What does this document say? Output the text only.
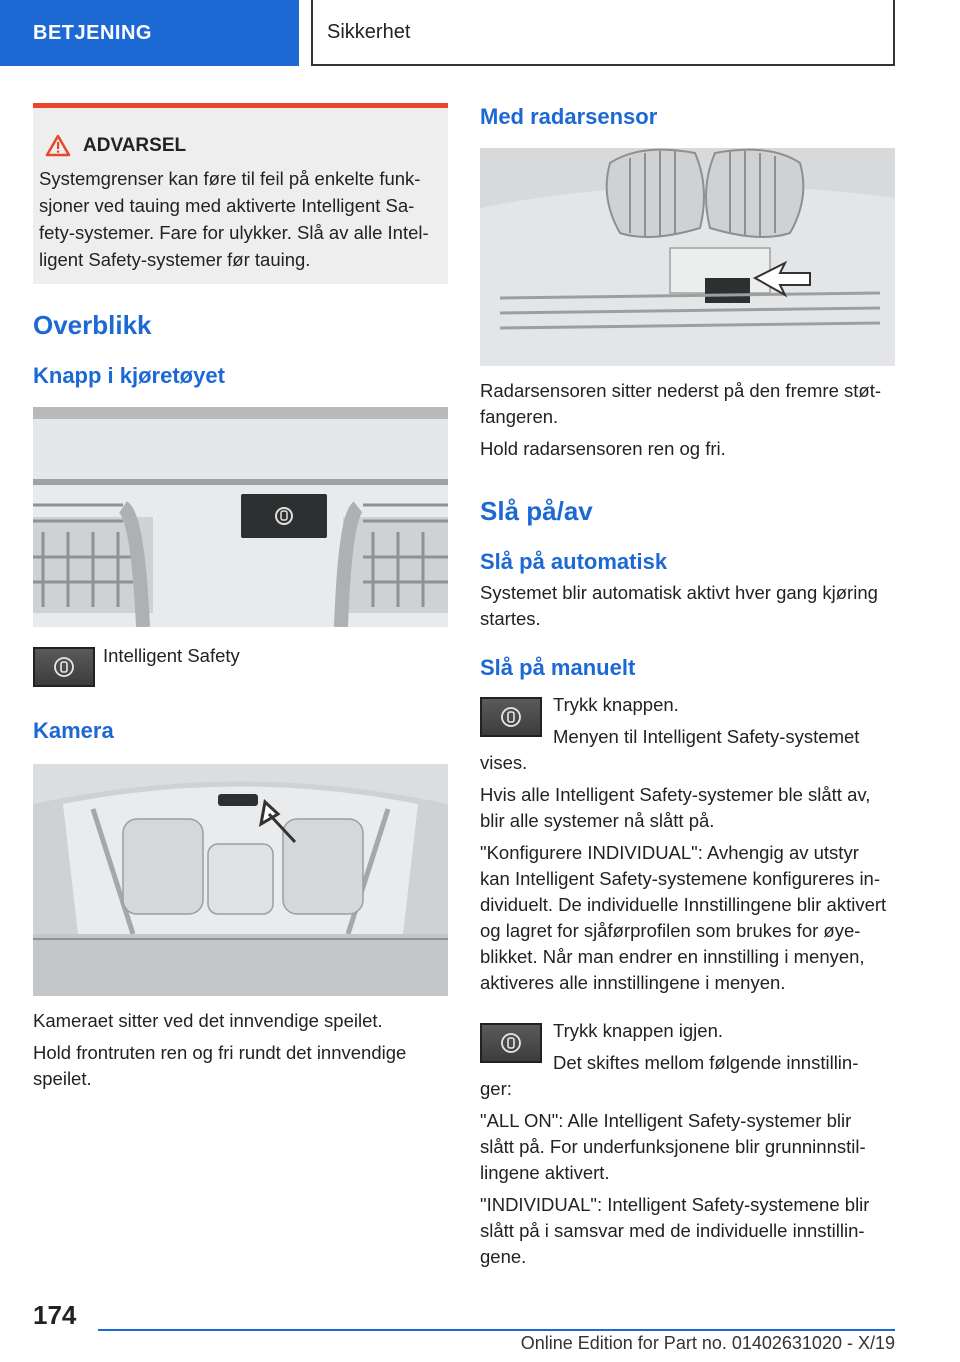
BETJENING	Sikkerhet
ADVARSEL
Systemgrenser kan føre til feil på enkelte funk-
sjoner ved tauing med aktiverte Intelligent Sa-
fety-systemer. Fare for ulykker. Slå av alle Intel-
ligent Safety-systemer før tauing.
Overblikk
Knapp i kjøretøyet
Intelligent Safety
Kamera

Kameraet sitter ved det innvendige speilet.

Hold frontruten ren og fri rundt det innvendige

speilet.

Med radarsensor

Radarsensoren sitter nederst på den fremre støt-

fangeren.

Hold radarsensoren ren og fri.

Slå på/av
Slå på automatisk

Systemet blir automatisk aktivt hver gang kjøring

startes.

Slå på manuelt

Trykk knappen.

Menyen til Intelligent Safety-systemet

vises.

Hvis alle Intelligent Safety-systemer ble slått av,

blir alle systemer nå slått på.

"Konfigurere INDIVIDUAL": Avhengig av utstyr

kan Intelligent Safety-systemene konfigureres in-

dividuelt. De individuelle Innstillingene blir aktivert

og lagret for sjåførprofilen som brukes for øye-

blikket. Når man endrer en innstilling i menyen,

aktiveres alle innstillingene i menyen.

Trykk knappen igjen.

Det skiftes mellom følgende innstillin-

ger:

"ALL ON": Alle Intelligent Safety-systemer blir

slått på. For underfunksjonene blir grunninnstil-

lingene aktivert.

"INDIVIDUAL": Intelligent Safety-systemene blir

slått på i samsvar med de individuelle innstillin-

gene.

174
Online Edition for Part no. 01402631020 - X/19
